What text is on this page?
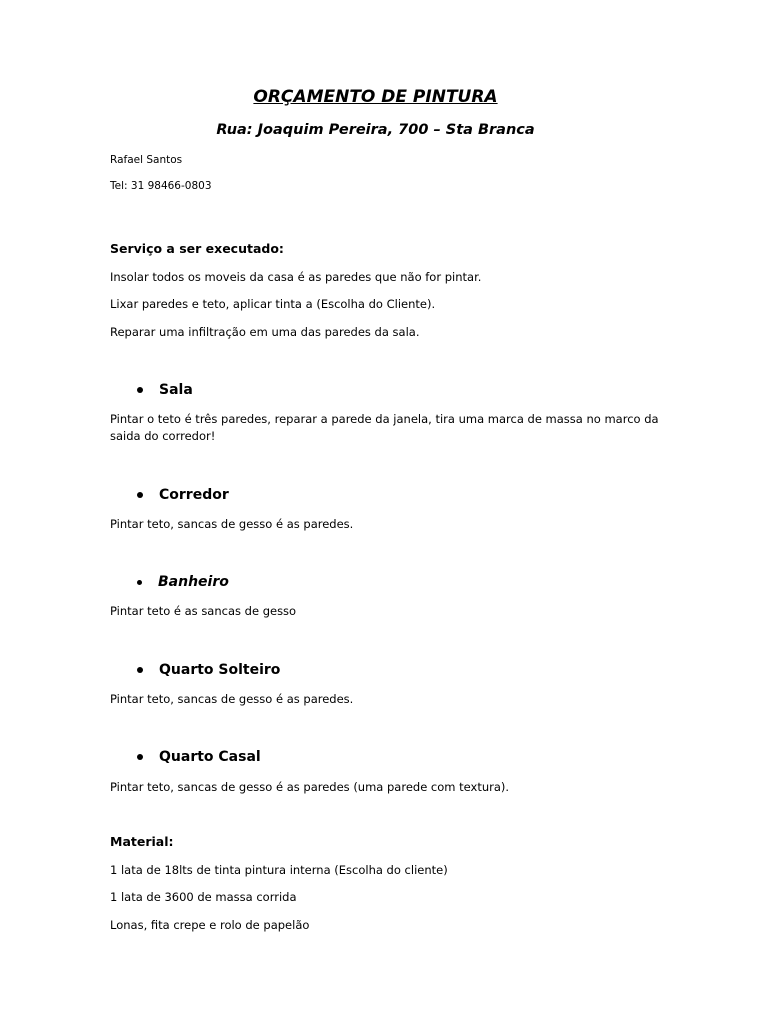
ORÇAMENTO DE PINTURA
Rua: Joaquim Pereira, 700 – Sta Branca
Rafael Santos
Tel: 31 98466-0803
Serviço a ser executado:
Insolar todos os moveis da casa é as paredes que não for pintar.
Lixar paredes e teto, aplicar tinta a (Escolha do Cliente).
Reparar uma infiltração em uma das paredes da sala.
Sala
Pintar o teto é três paredes, reparar a parede da janela, tira uma marca de massa no marco da saida do corredor!
Corredor
Pintar teto, sancas de gesso é as paredes.
Banheiro
Pintar teto é as sancas de gesso
Quarto Solteiro
Pintar teto, sancas de gesso é as paredes.
Quarto Casal
Pintar teto, sancas de gesso é as paredes (uma parede com textura).
Material:
1 lata de 18lts de tinta pintura interna (Escolha do cliente)
1 lata de 3600 de massa corrida
Lonas, fita crepe e rolo de papelão
